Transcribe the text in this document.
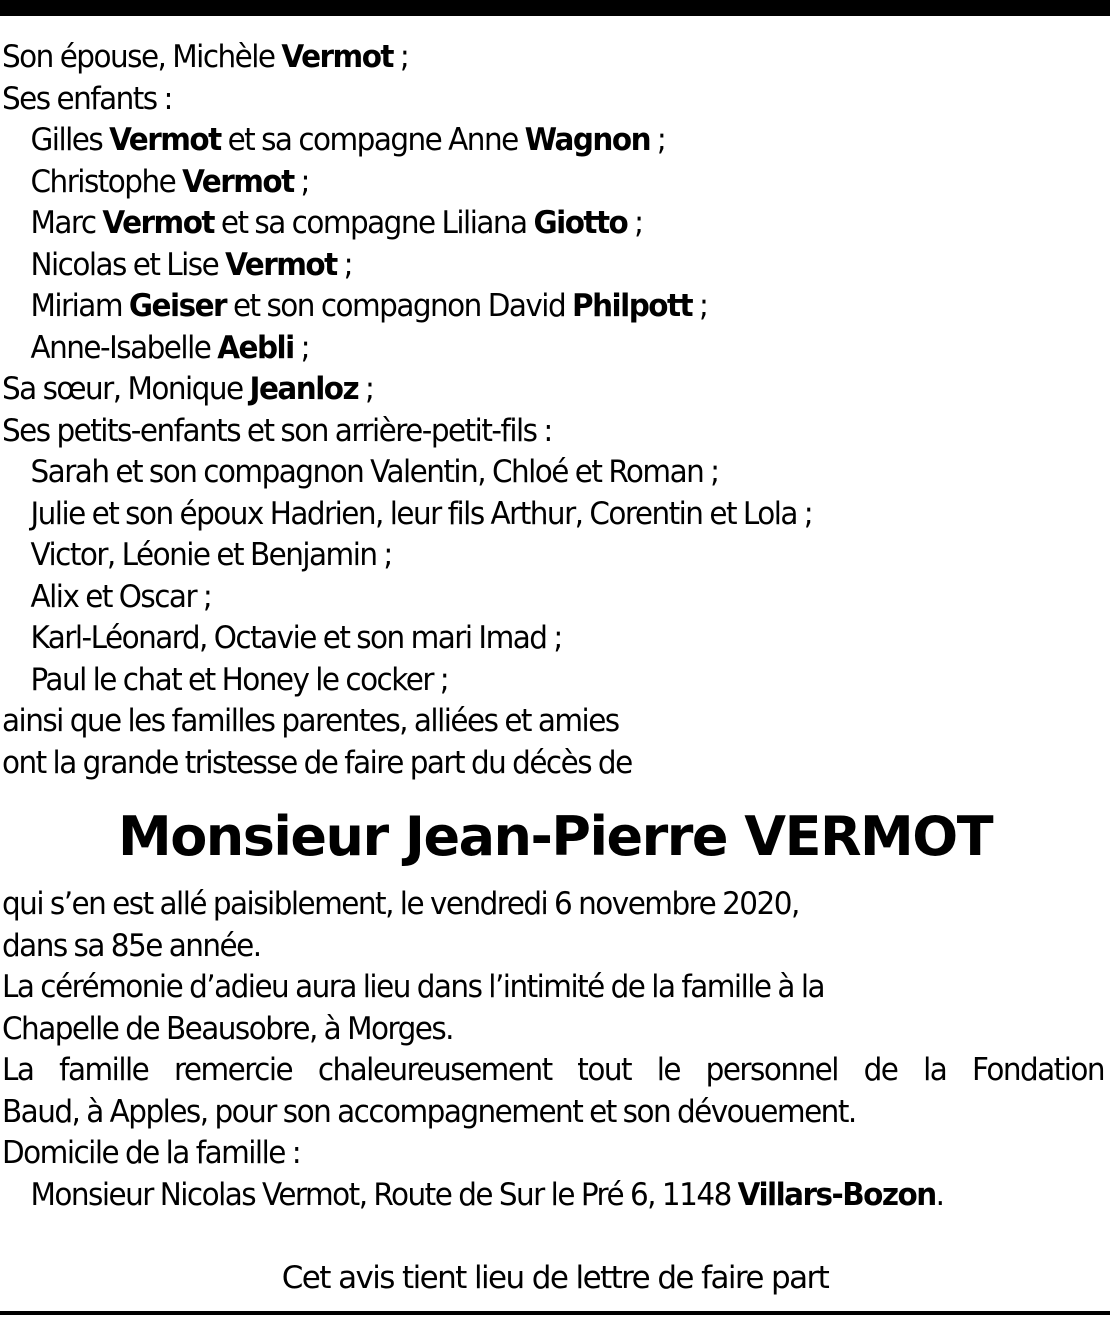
Son épouse, Michèle Vermot ;
Ses enfants :
Gilles Vermot et sa compagne Anne Wagnon ;
Christophe Vermot ;
Marc Vermot et sa compagne Liliana Giotto ;
Nicolas et Lise Vermot ;
Miriam Geiser et son compagnon David Philpott ;
Anne-Isabelle Aebli ;
Sa sœur, Monique Jeanloz ;
Ses petits-enfants et son arrière-petit-fils :
Sarah et son compagnon Valentin, Chloé et Roman ;
Julie et son époux Hadrien, leur fils Arthur, Corentin et Lola ;
Victor, Léonie et Benjamin ;
Alix et Oscar ;
Karl-Léonard, Octavie et son mari Imad ;
Paul le chat et Honey le cocker ;
ainsi que les familles parentes, alliées et amies
ont la grande tristesse de faire part du décès de
Monsieur Jean-Pierre VERMOT
qui s’en est allé paisiblement, le vendredi 6 novembre 2020,
dans sa 85e année.
La cérémonie d’adieu aura lieu dans l’intimité de la famille à la
Chapelle de Beausobre, à Morges.
La famille remercie chaleureusement tout le personnel de la Fondation
Baud, à Apples, pour son accompagnement et son dévouement.
Domicile de la famille :
Monsieur Nicolas Vermot, Route de Sur le Pré 6, 1148 Villars-Bozon.
Cet avis tient lieu de lettre de faire part
